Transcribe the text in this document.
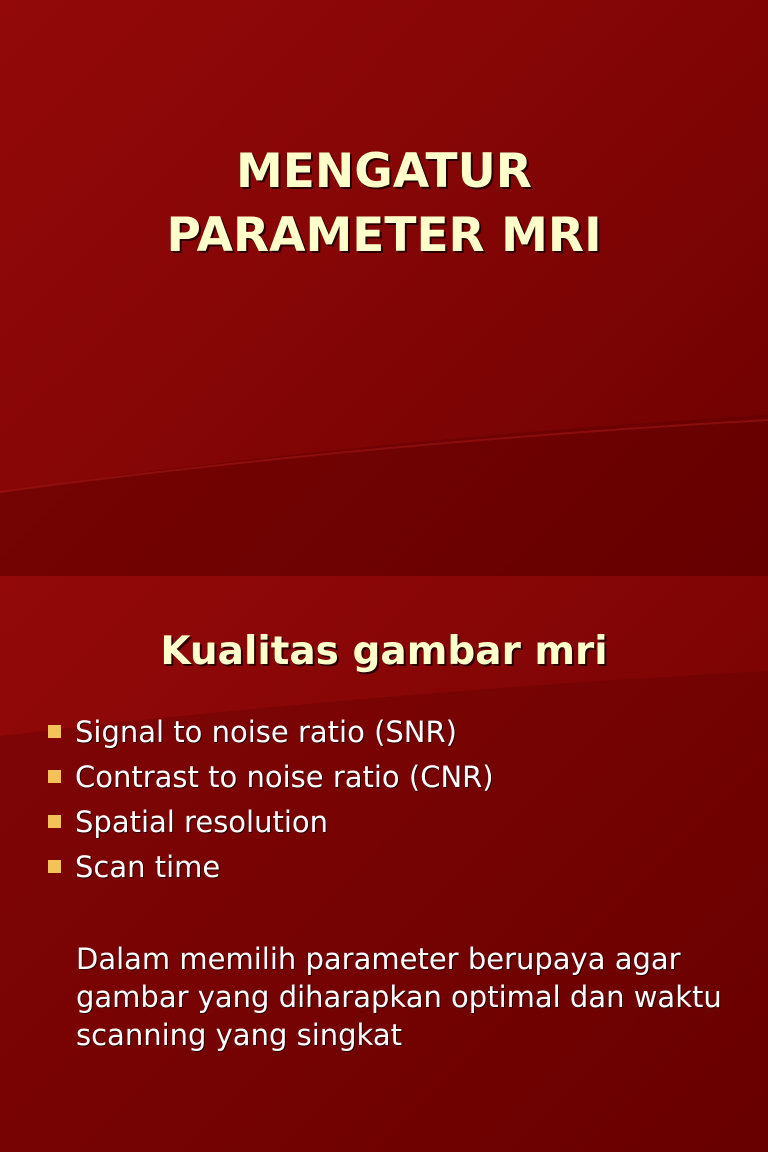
MENGATUR
PARAMETER MRI
Kualitas gambar mri
Signal to noise ratio (SNR)
Contrast to noise ratio (CNR)
Spatial resolution
Scan time

Dalam memilih parameter berupaya agar gambar yang diharapkan optimal dan waktu scanning yang singkat
